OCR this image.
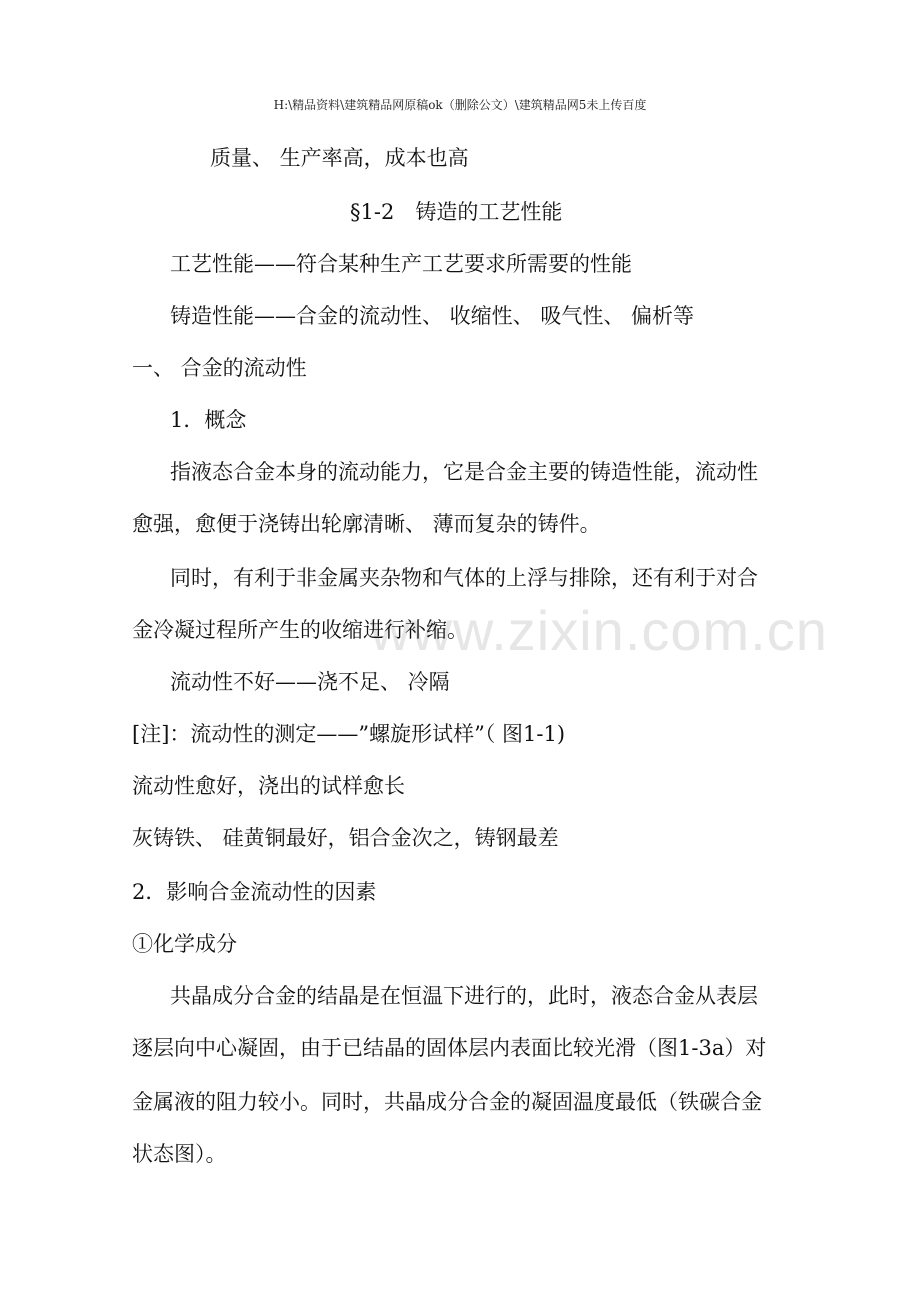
H:\精品资料\建筑精品网原稿ok（删除公文）\建筑精品网5未上传百度
www.zixin.com.cn
质量、 生产率高，成本也高
§1-2　铸造的工艺性能
工艺性能——符合某种生产工艺要求所需要的性能
铸造性能——合金的流动性、 收缩性、 吸气性、 偏析等
一、 合金的流动性
1．概念
指液态合金本身的流动能力，它是合金主要的铸造性能，流动性
愈强，愈便于浇铸出轮廓清晰、 薄而复杂的铸件。
同时，有利于非金属夹杂物和气体的上浮与排除，还有利于对合
金冷凝过程所产生的收缩进行补缩。
流动性不好——浇不足、 冷隔
[注]：流动性的测定——”螺旋形试样”（ 图1-1)
流动性愈好，浇出的试样愈长
灰铸铁、 硅黄铜最好，铝合金次之，铸钢最差
2．影响合金流动性的因素
①化学成分
共晶成分合金的结晶是在恒温下进行的，此时，液态合金从表层
逐层向中心凝固，由于已结晶的固体层内表面比较光滑（图1-3a）对
金属液的阻力较小。同时，共晶成分合金的凝固温度最低（铁碳合金
状态图）。
